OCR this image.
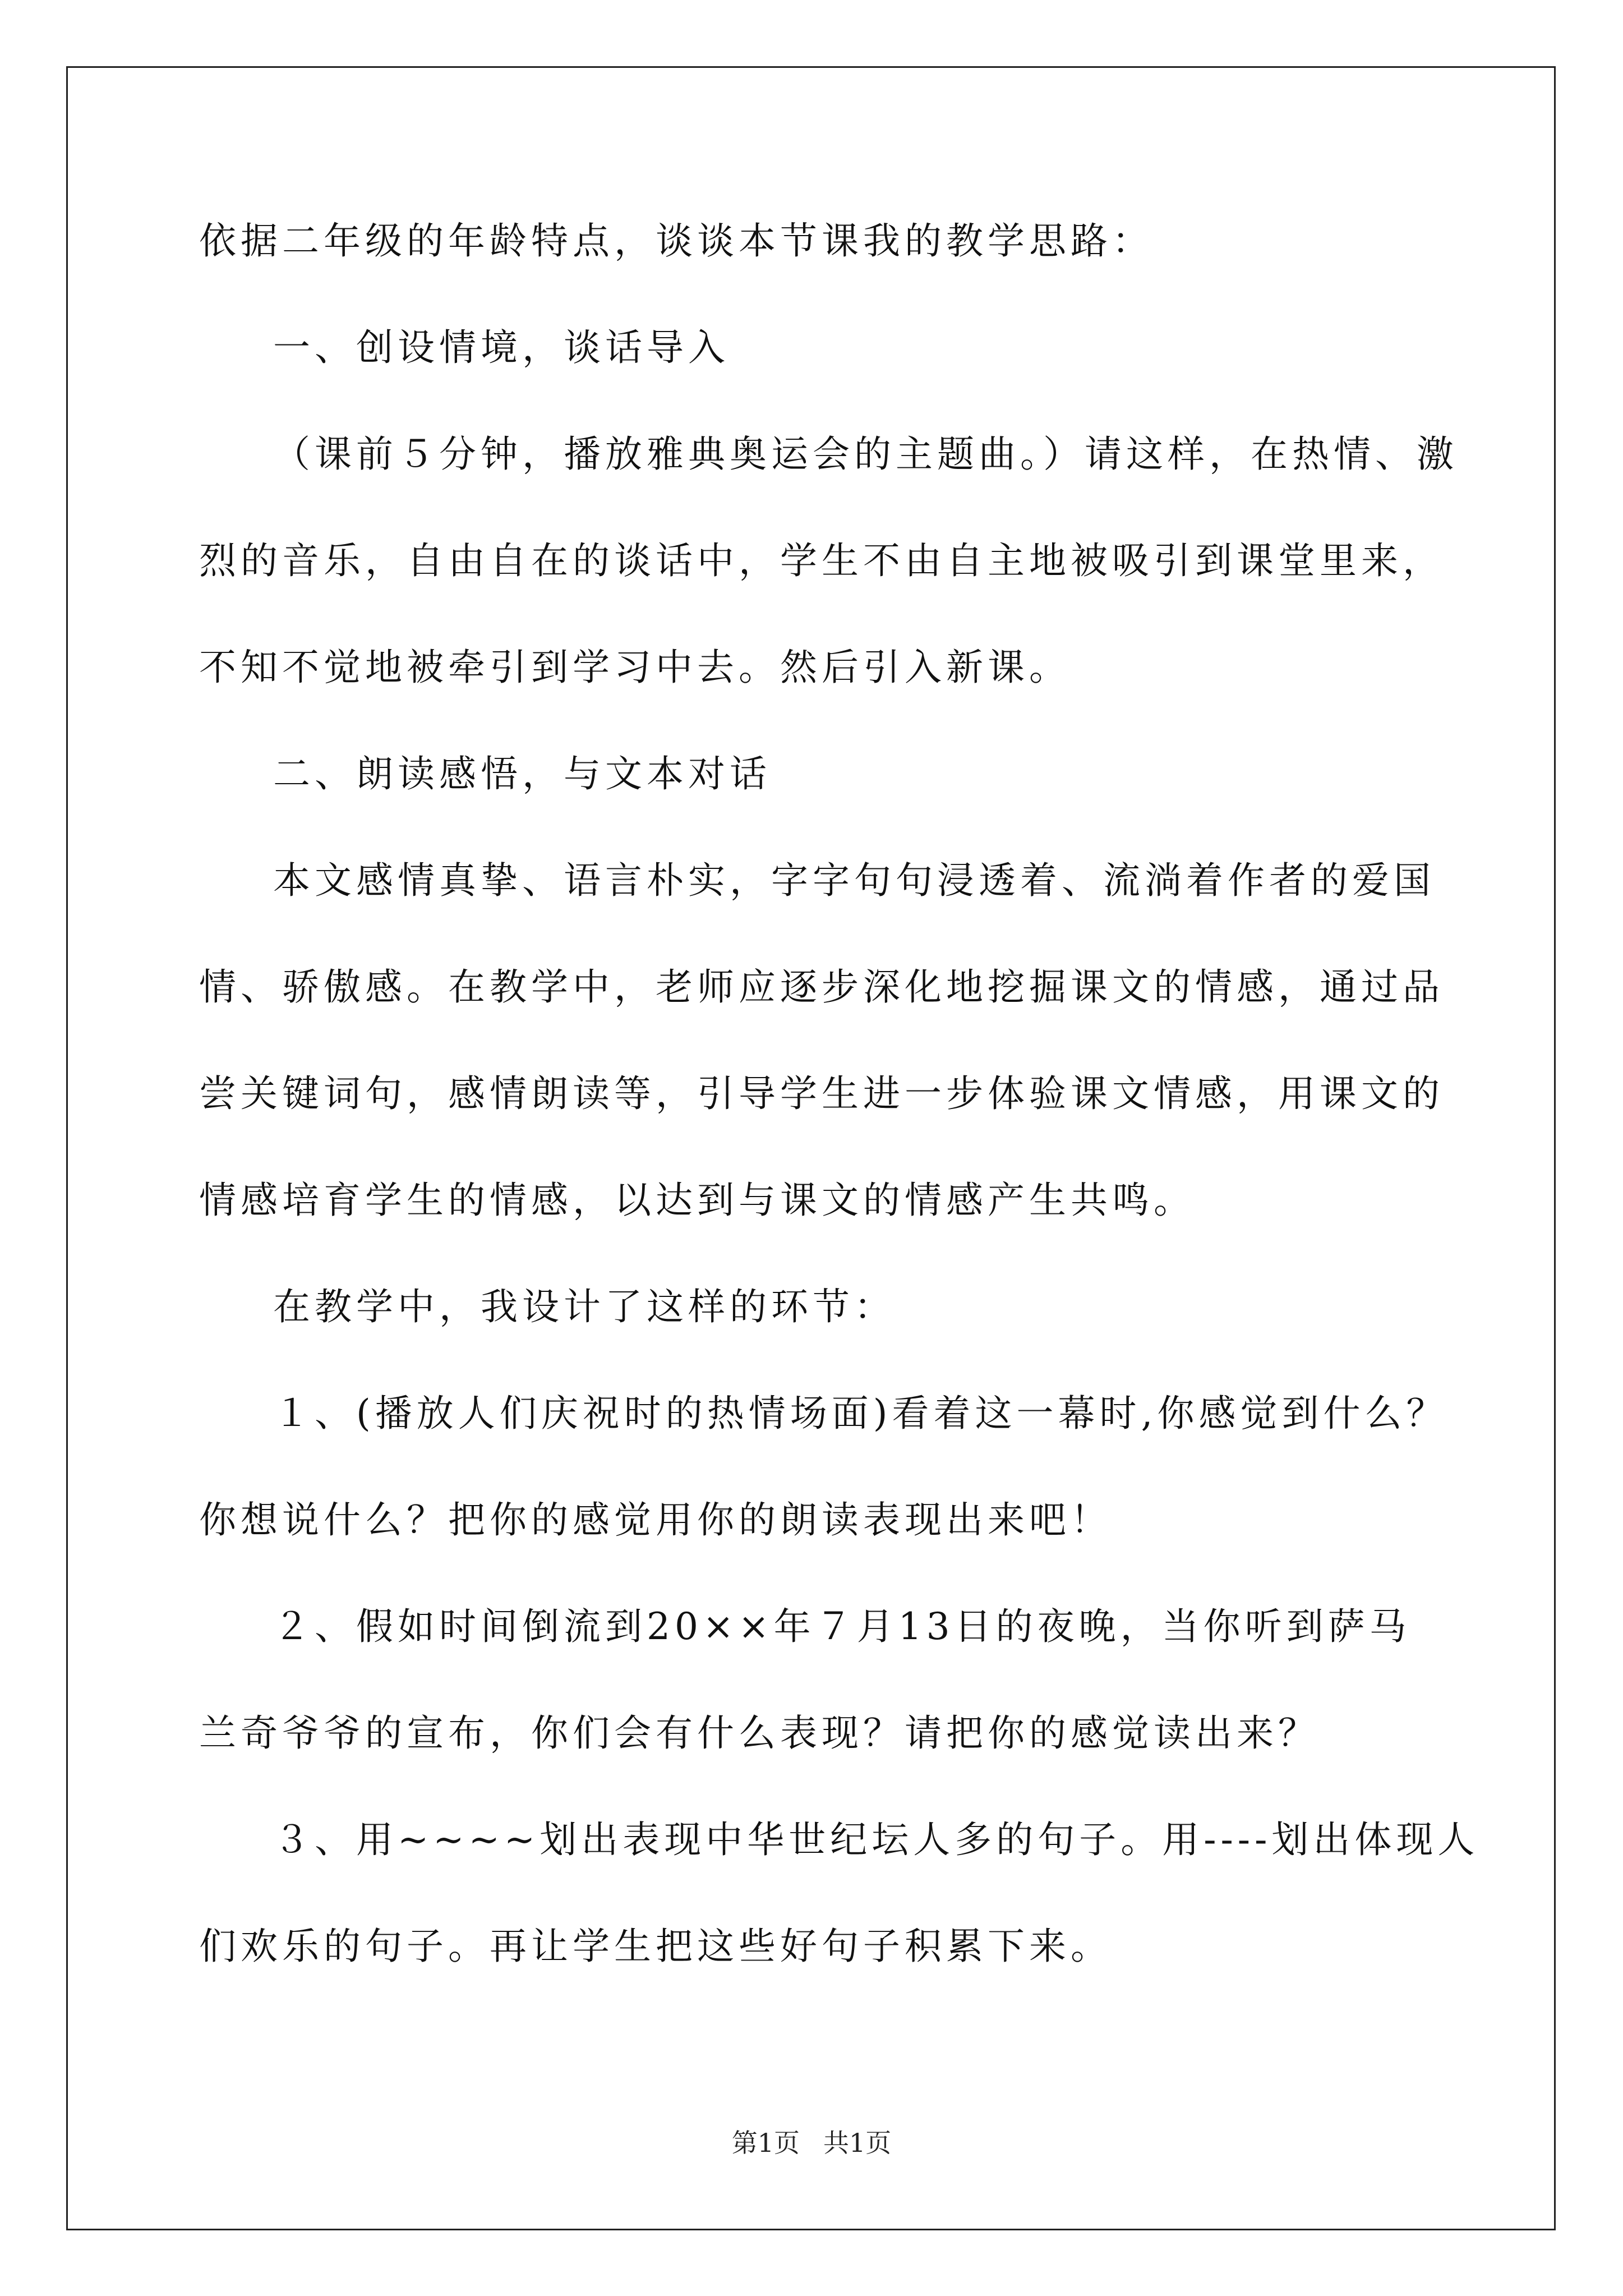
依据二年级的年龄特点，谈谈本节课我的教学思路：
一、创设情境，谈话导入
（课前５分钟，播放雅典奥运会的主题曲。）请这样，在热情、激
烈的音乐，自由自在的谈话中，学生不由自主地被吸引到课堂里来，
不知不觉地被牵引到学习中去。然后引入新课。
二、朗读感悟，与文本对话
本文感情真挚、语言朴实，字字句句浸透着、流淌着作者的爱国
情、骄傲感。在教学中，老师应逐步深化地挖掘课文的情感，通过品
尝关键词句，感情朗读等，引导学生进一步体验课文情感，用课文的
情感培育学生的情感，以达到与课文的情感产生共鸣。
在教学中，我设计了这样的环节：
１、(播放人们庆祝时的热情场面)看着这一幕时,你感觉到什么？
你想说什么？把你的感觉用你的朗读表现出来吧！
２、假如时间倒流到20××年７月13日的夜晚，当你听到萨马
兰奇爷爷的宣布，你们会有什么表现？请把你的感觉读出来？
３、用~~~~划出表现中华世纪坛人多的句子。用----划出体现人
们欢乐的句子。再让学生把这些好句子积累下来。
第1页 共1页
